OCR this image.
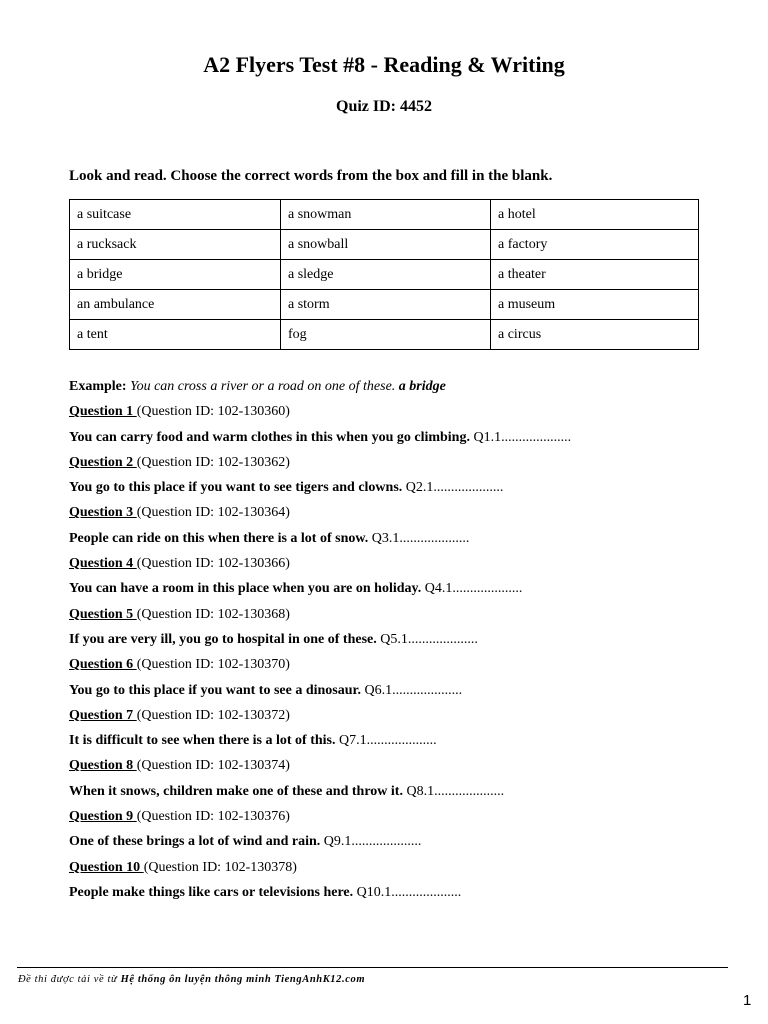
A2 Flyers Test #8 - Reading & Writing
Quiz ID: 4452
Look and read. Choose the correct words from the box and fill in the blank.
a suitcase	a snowman	a hotel
a rucksack	a snowball	a factory
a bridge	a sledge	a theater
an ambulance	a storm	a museum
a tent	fog	a circus
Example: You can cross a river or a road on one of these. a bridge
Question 1 (Question ID: 102-130360)
You can carry food and warm clothes in this when you go climbing. Q1.1....................
Question 2 (Question ID: 102-130362)
You go to this place if you want to see tigers and clowns. Q2.1....................
Question 3 (Question ID: 102-130364)
People can ride on this when there is a lot of snow. Q3.1....................
Question 4 (Question ID: 102-130366)
You can have a room in this place when you are on holiday. Q4.1....................
Question 5 (Question ID: 102-130368)
If you are very ill, you go to hospital in one of these. Q5.1....................
Question 6 (Question ID: 102-130370)
You go to this place if you want to see a dinosaur. Q6.1....................
Question 7 (Question ID: 102-130372)
It is difficult to see when there is a lot of this. Q7.1....................
Question 8 (Question ID: 102-130374)
When it snows, children make one of these and throw it. Q8.1....................
Question 9 (Question ID: 102-130376)
One of these brings a lot of wind and rain. Q9.1....................
Question 10 (Question ID: 102-130378)
People make things like cars or televisions here. Q10.1....................
Đề thi được tải về từ Hệ thống ôn luyện thông minh TiengAnhK12.com
1
